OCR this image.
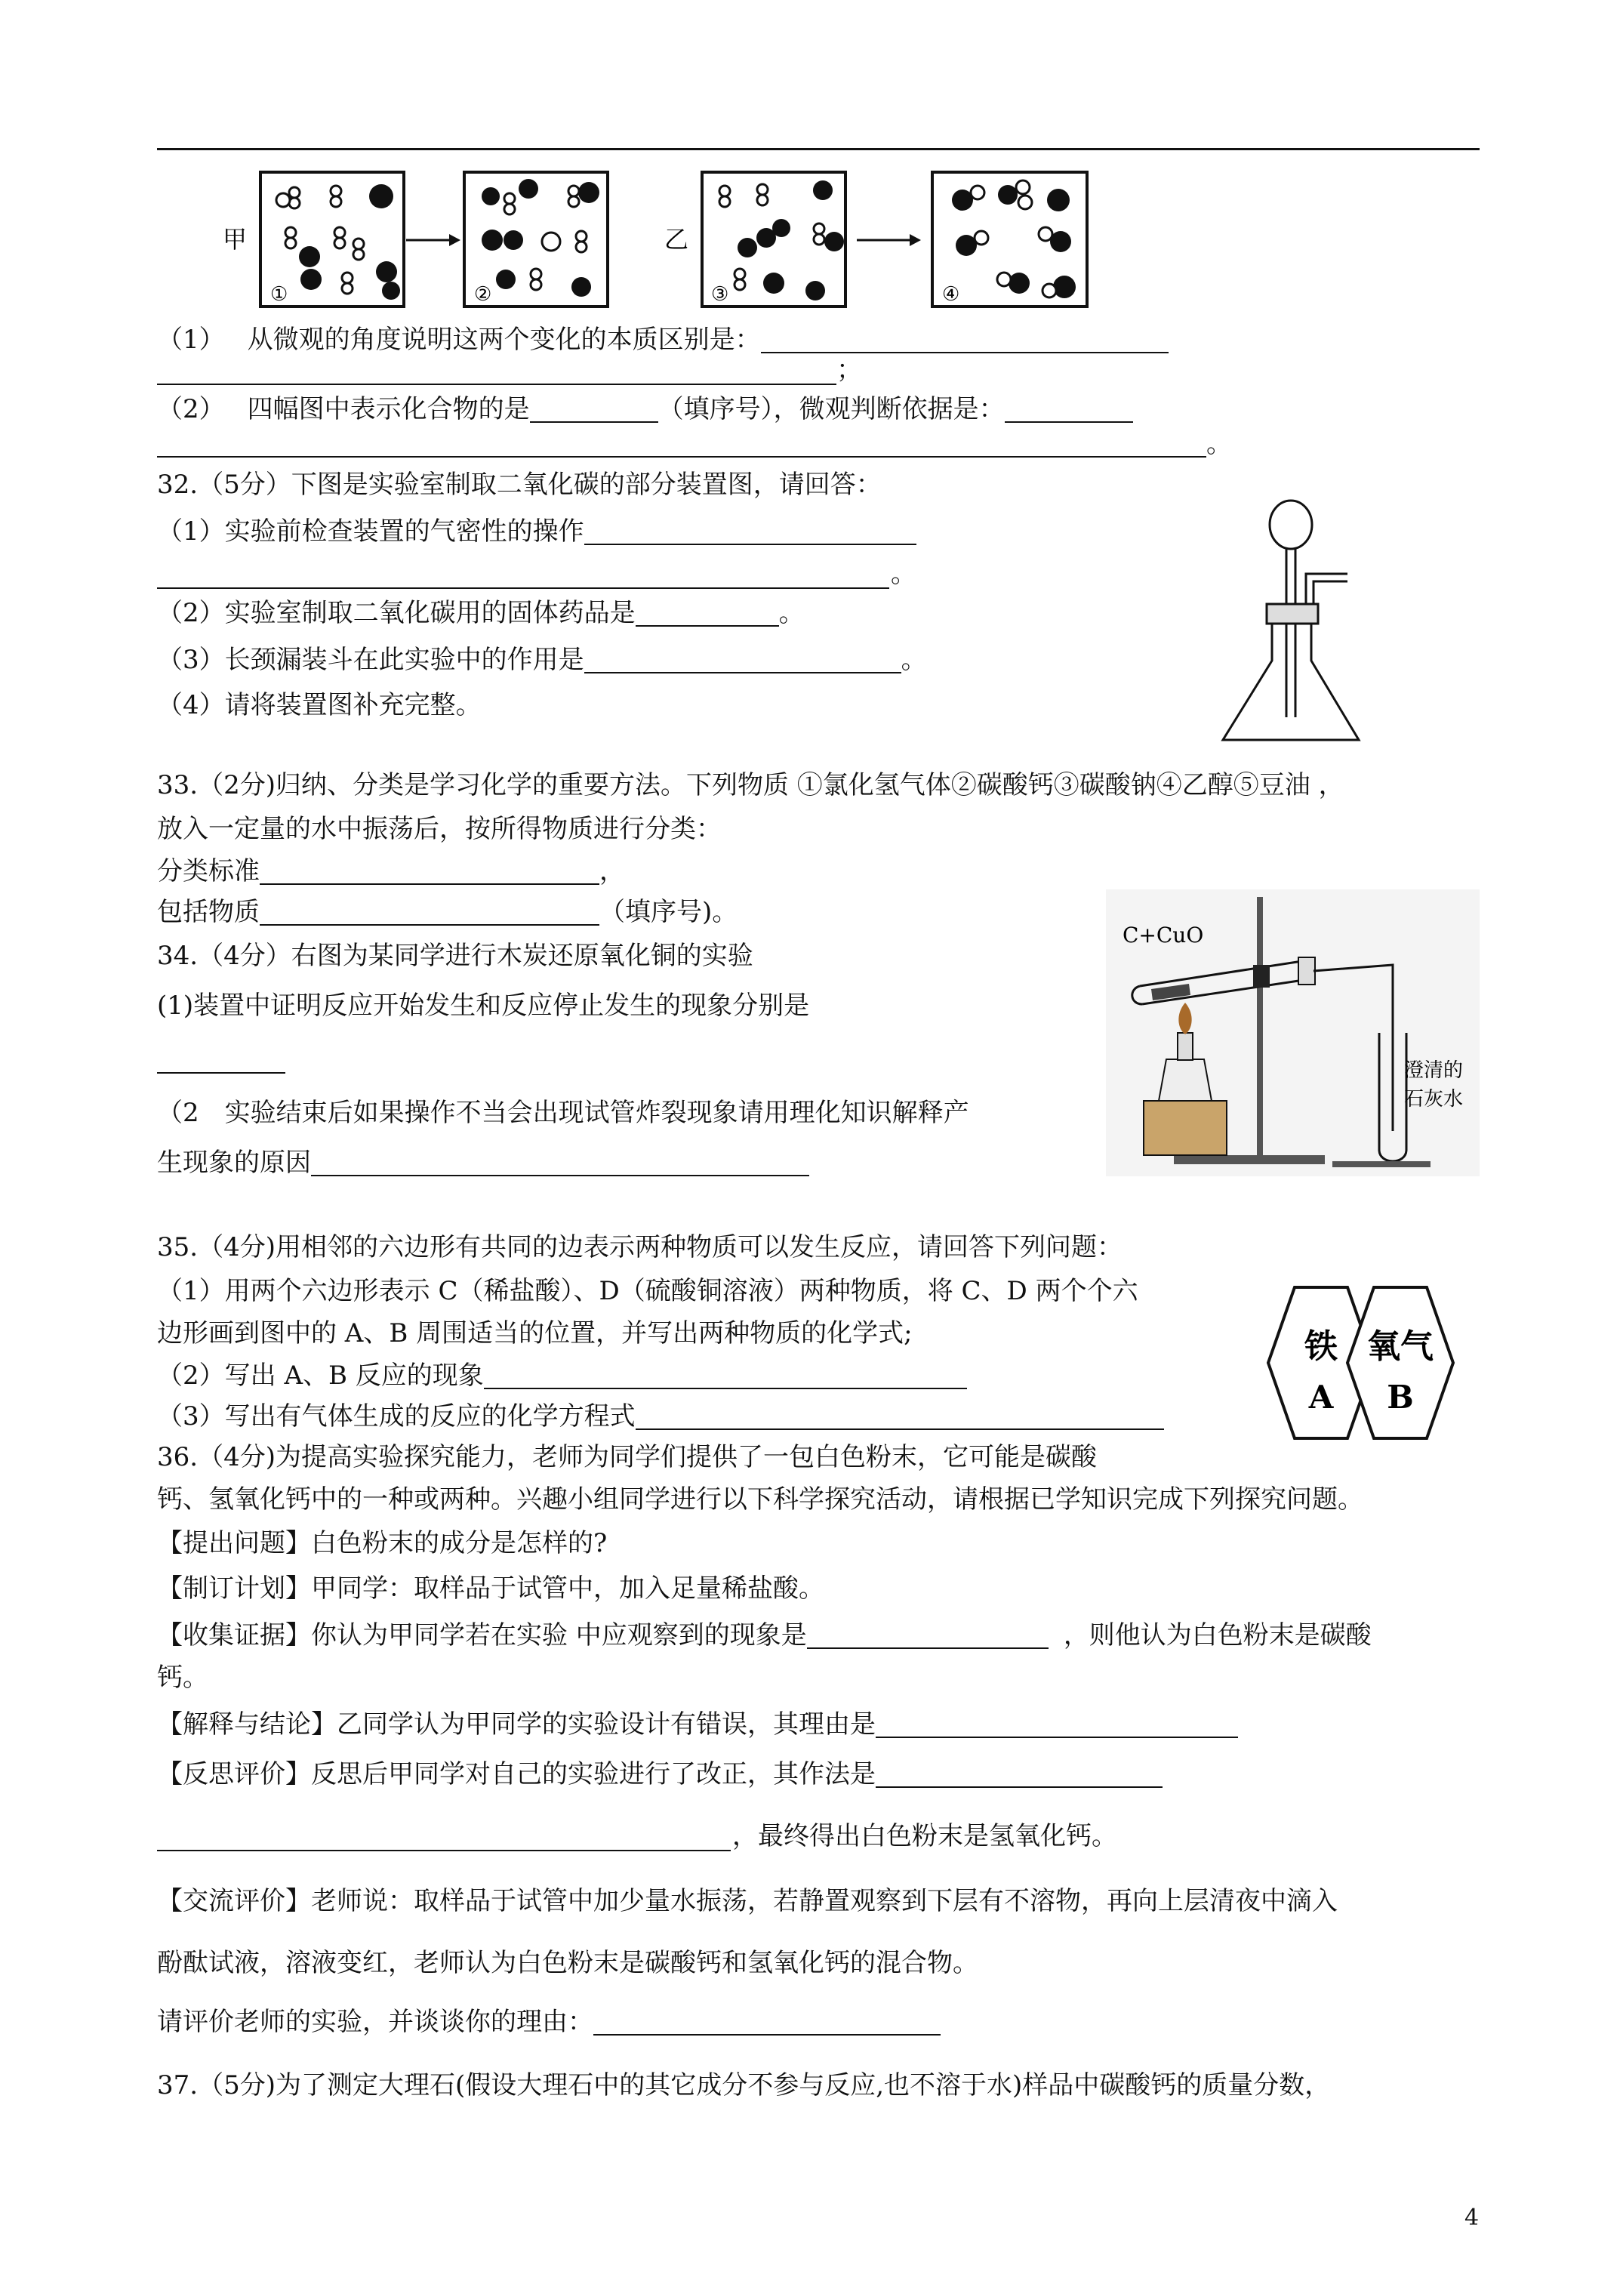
甲
①	②
乙
③	④
（1） 从微观的角度说明这两个变化的本质区别是：
；
（2） 四幅图中表示化合物的是	（填序号），微观判断依据是：
。
32.（5分）下图是实验室制取二氧化碳的部分装置图，请回答：
（1）实验前检查装置的气密性的操作
。
（2）实验室制取二氧化碳用的固体药品是	。
（3）长颈漏装斗在此实验中的作用是	。
（4）请将装置图补充完整。
33.（2分)归纳、分类是学习化学的重要方法。下列物质 ①氯化氢气体②碳酸钙③碳酸钠④乙醇⑤豆油 ，
放入一定量的水中振荡后，按所得物质进行分类：
分类标准	，
包括物质	（填序号)。
34.（4分）右图为某同学进行木炭还原氧化铜的实验
(1)装置中证明反应开始发生和反应停止发生的现象分别是
（2　实验结束后如果操作不当会出现试管炸裂现象请用理化知识解释产
生现象的原因
C+CuO
澄清的
石灰水
35.（4分)用相邻的六边形有共同的边表示两种物质可以发生反应，请回答下列问题：
（1）用两个六边形表示 C（稀盐酸）、D（硫酸铜溶液）两种物质，将 C、D 两个个六
边形画到图中的 A、B 周围适当的位置，并写出两种物质的化学式;
（2）写出 A、B 反应的现象
（3）写出有气体生成的反应的化学方程式
铁
A
氧气
B
36.（4分)为提高实验探究能力，老师为同学们提供了一包白色粉末，它可能是碳酸
钙、氢氧化钙中的一种或两种。兴趣小组同学进行以下科学探究活动，请根据已学知识完成下列探究问题。
【提出问题】白色粉末的成分是怎样的?
【制订计划】甲同学：取样品于试管中，加入足量稀盐酸。
【收集证据】你认为甲同学若在实验 中应观察到的现象是	，则他认为白色粉末是碳酸
钙。
【解释与结论】乙同学认为甲同学的实验设计有错误，其理由是
【反思评价】反思后甲同学对自己的实验进行了改正，其作法是
，最终得出白色粉末是氢氧化钙。
【交流评价】老师说：取样品于试管中加少量水振荡，若静置观察到下层有不溶物，再向上层清夜中滴入
酚酞试液，溶液变红，老师认为白色粉末是碳酸钙和氢氧化钙的混合物。
请评价老师的实验，并谈谈你的理由：
37.（5分)为了测定大理石(假设大理石中的其它成分不参与反应,也不溶于水)样品中碳酸钙的质量分数，
4
